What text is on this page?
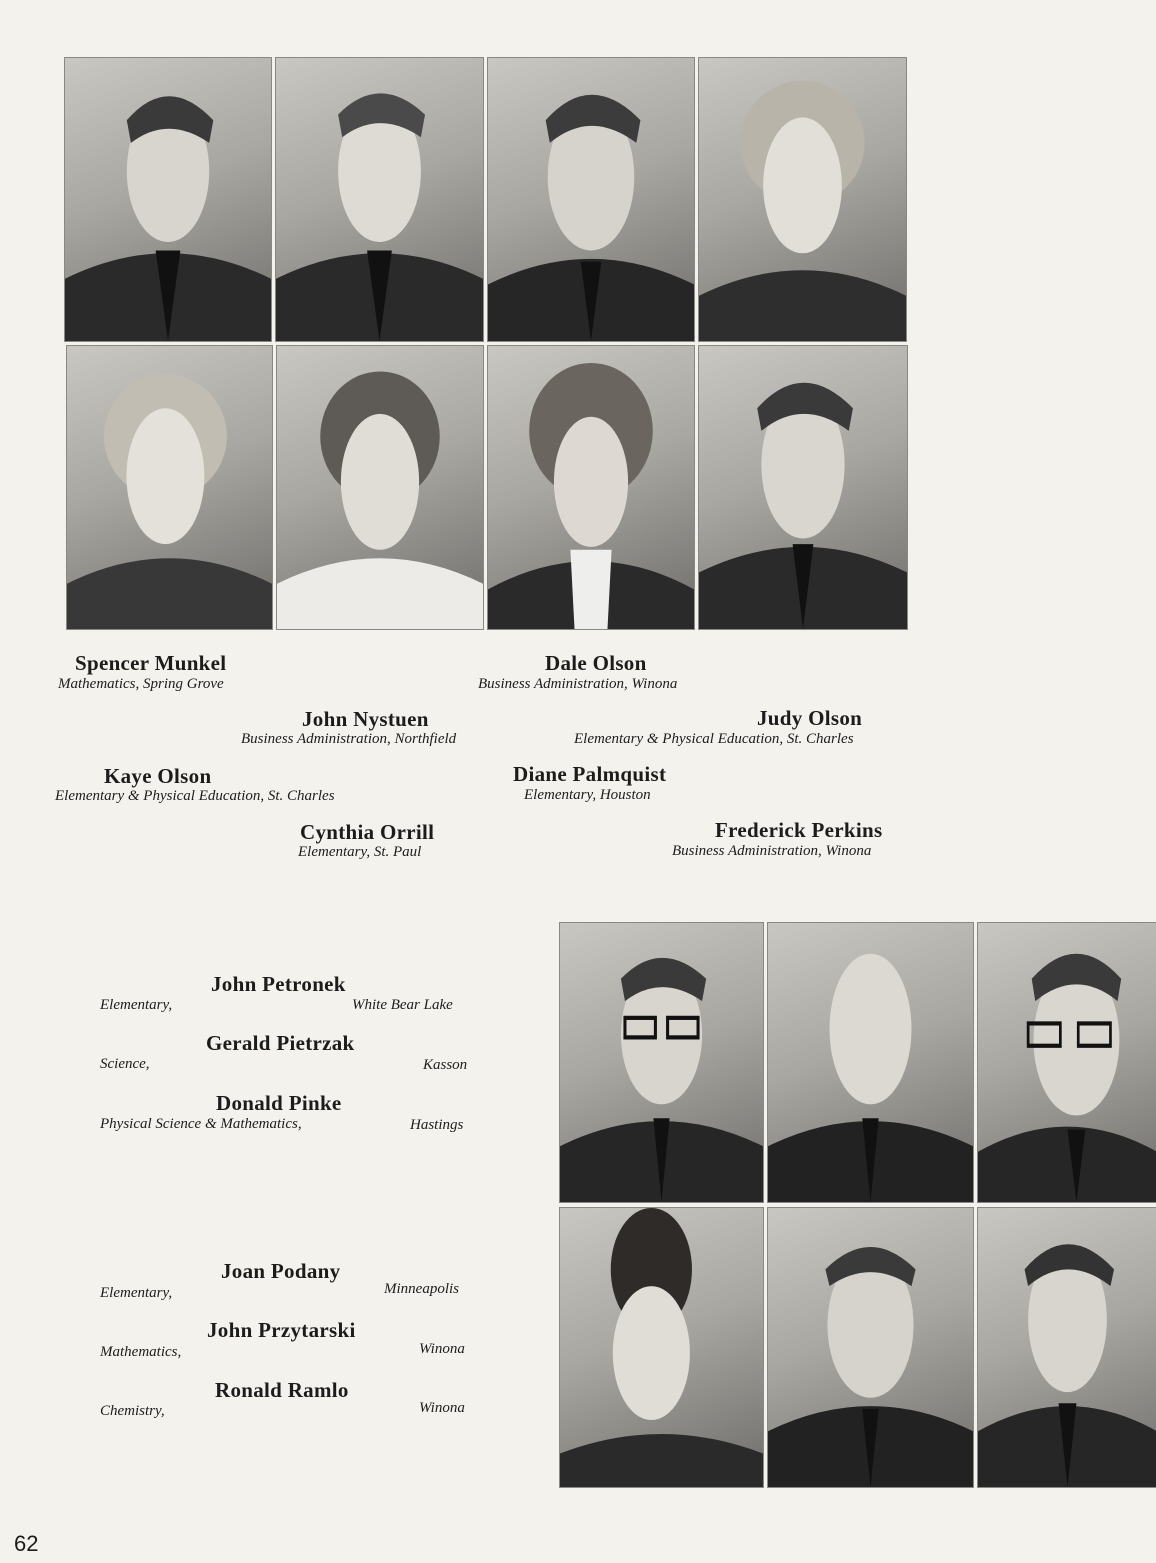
Spencer Munkel
Mathematics, Spring Grove
Dale Olson
Business Administration, Winona
John Nystuen
Business Administration, Northfield
Judy Olson
Elementary & Physical Education, St. Charles
Kaye Olson
Elementary & Physical Education, St. Charles
Diane Palmquist
Elementary, Houston
Cynthia Orrill
Elementary, St. Paul
Frederick Perkins
Business Administration, Winona
John Petronek
Elementary,	White Bear Lake
Gerald Pietrzak
Science,	Kasson
Donald Pinke
Physical Science & Mathematics,	Hastings
Joan Podany
Elementary,	Minneapolis
John Przytarski
Mathematics,	Winona
Ronald Ramlo
Chemistry,	Winona
62
